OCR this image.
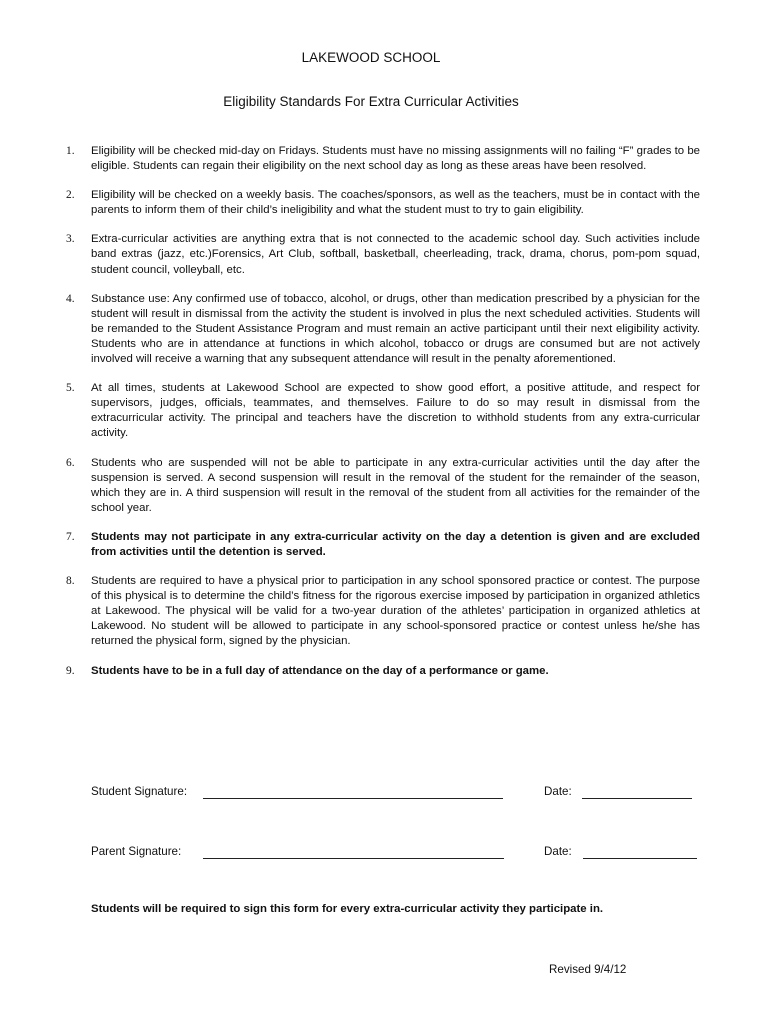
LAKEWOOD SCHOOL
Eligibility Standards For Extra Curricular Activities
1. Eligibility will be checked mid-day on Fridays. Students must have no missing assignments will no failing “F” grades to be eligible. Students can regain their eligibility on the next school day as long as these areas have been resolved.
2. Eligibility will be checked on a weekly basis. The coaches/sponsors, as well as the teachers, must be in contact with the parents to inform them of their child’s ineligibility and what the student must to try to gain eligibility.
3. Extra-curricular activities are anything extra that is not connected to the academic school day. Such activities include band extras (jazz, etc.)Forensics, Art Club, softball, basketball, cheerleading, track, drama, chorus, pom-pom squad, student council, volleyball, etc.
4. Substance use: Any confirmed use of tobacco, alcohol, or drugs, other than medication prescribed by a physician for the student will result in dismissal from the activity the student is involved in plus the next scheduled activities. Students will be remanded to the Student Assistance Program and must remain an active participant until their next eligibility activity. Students who are in attendance at functions in which alcohol, tobacco or drugs are consumed but are not actively involved will receive a warning that any subsequent attendance will result in the penalty aforementioned.
5. At all times, students at Lakewood School are expected to show good effort, a positive attitude, and respect for supervisors, judges, officials, teammates, and themselves. Failure to do so may result in dismissal from the extracurricular activity. The principal and teachers have the discretion to withhold students from any extra-curricular activity.
6. Students who are suspended will not be able to participate in any extra-curricular activities until the day after the suspension is served. A second suspension will result in the removal of the student for the remainder of the season, which they are in. A third suspension will result in the removal of the student from all activities for the remainder of the school year.
7. Students may not participate in any extra-curricular activity on the day a detention is given and are excluded from activities until the detention is served.
8. Students are required to have a physical prior to participation in any school sponsored practice or contest. The purpose of this physical is to determine the child’s fitness for the rigorous exercise imposed by participation in organized athletics at Lakewood. The physical will be valid for a two-year duration of the athletes’ participation in organized athletics at Lakewood. No student will be allowed to participate in any school-sponsored practice or contest unless he/she has returned the physical form, signed by the physician.
9. Students have to be in a full day of attendance on the day of a performance or game.
Student Signature:	Date:
Parent Signature:	Date:
Students will be required to sign this form for every extra-curricular activity they participate in.
Revised 9/4/12
